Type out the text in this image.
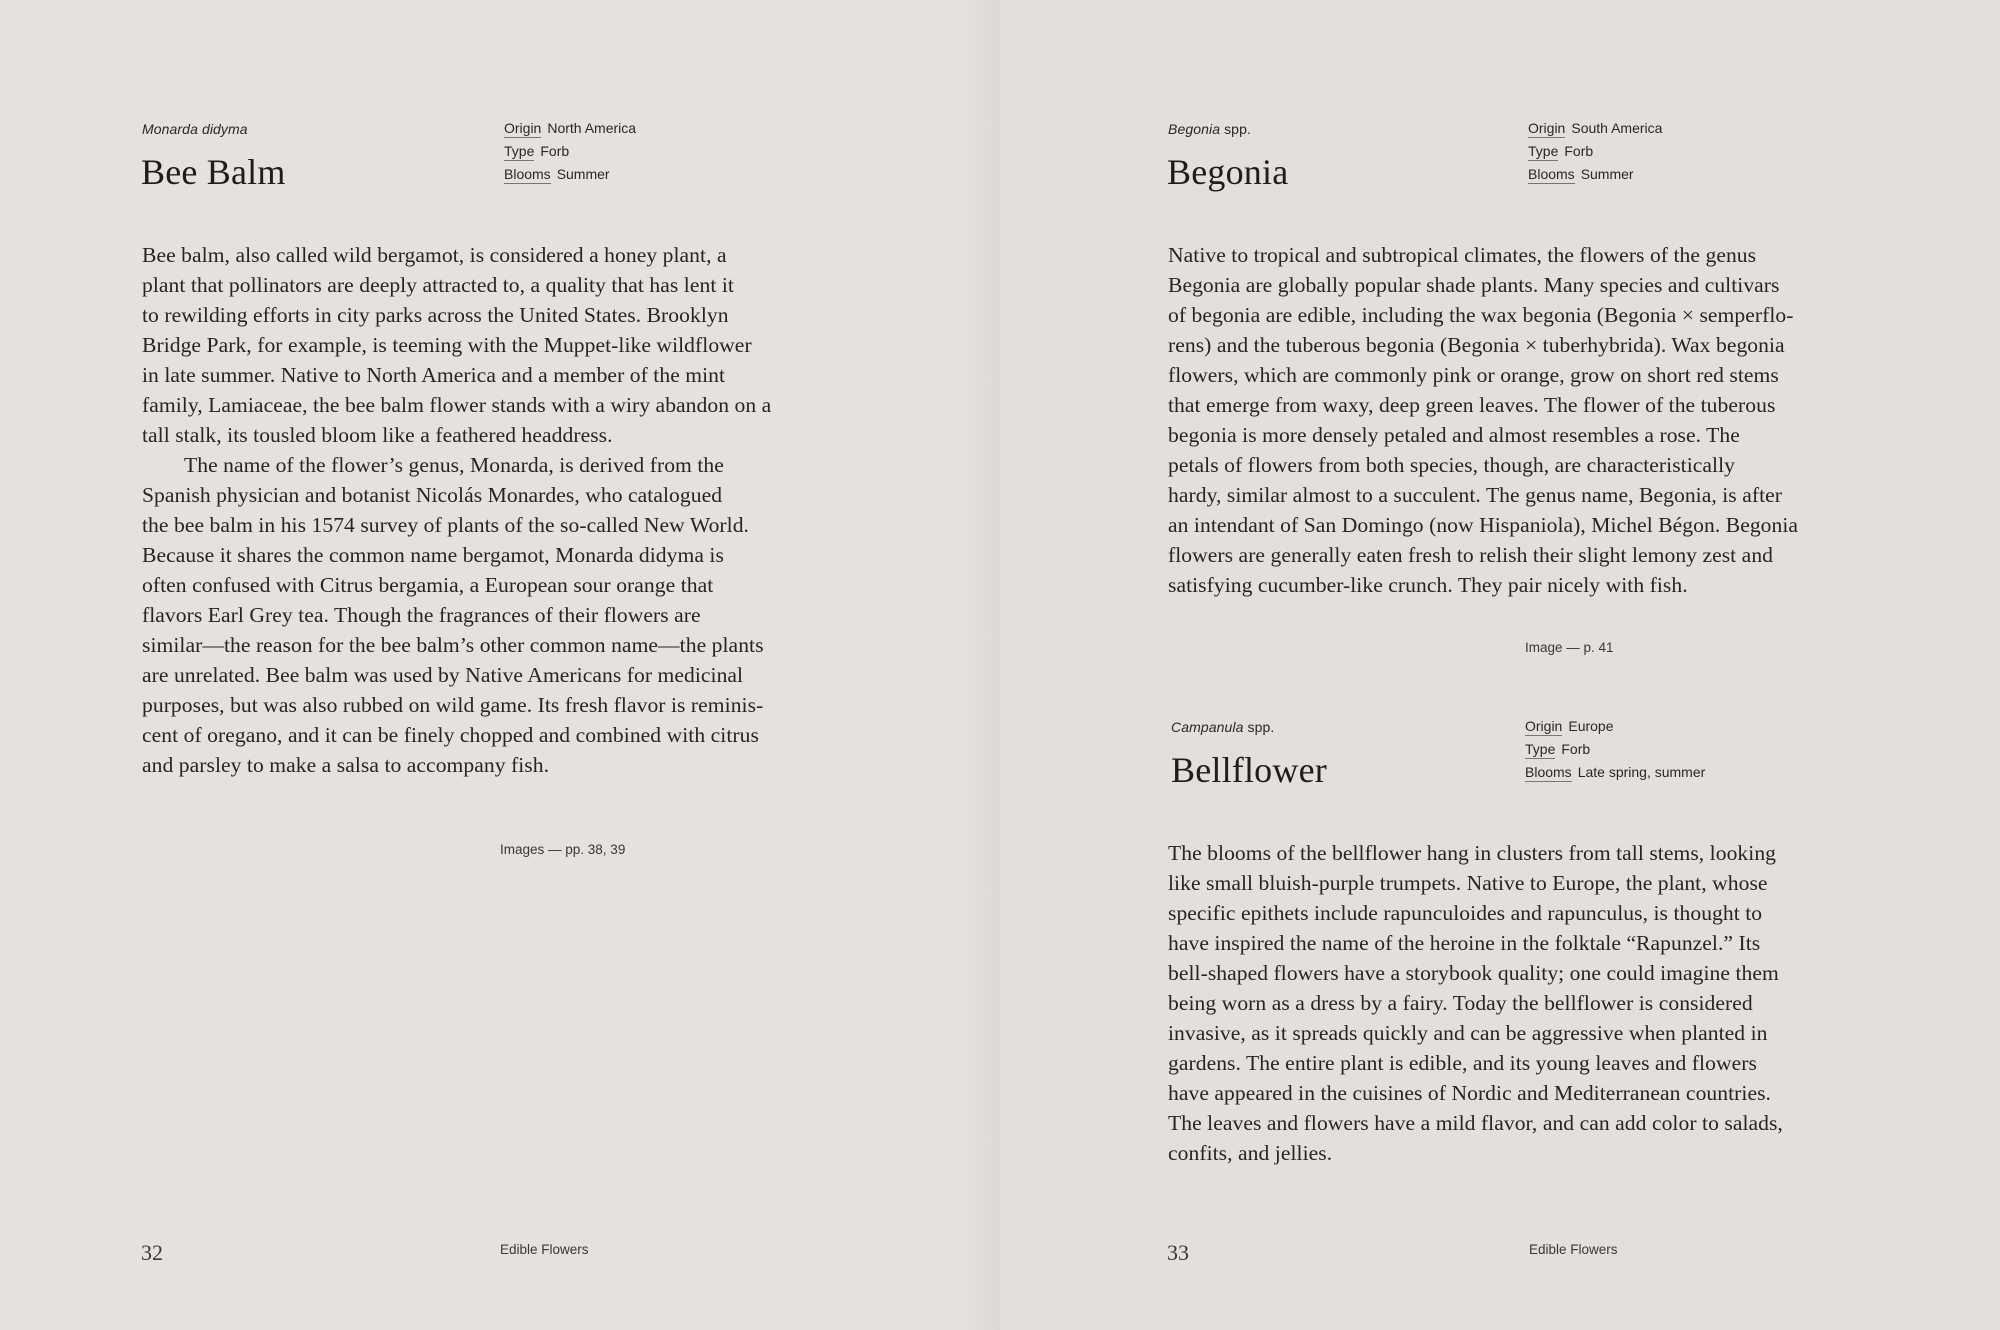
Monarda didyma
Bee Balm
Origin North America
Type Forb
Blooms Summer
Bee balm, also called wild bergamot, is considered a honey plant, a
plant that pollinators are deeply attracted to, a quality that has lent it
to rewilding efforts in city parks across the United States. Brooklyn
Bridge Park, for example, is teeming with the Muppet-like wildflower
in late summer. Native to North America and a member of the mint
family, Lamiaceae, the bee balm flower stands with a wiry abandon on a
tall stalk, its tousled bloom like a feathered headdress.
The name of the flower’s genus, Monarda, is derived from the
Spanish physician and botanist Nicolás Monardes, who catalogued
the bee balm in his 1574 survey of plants of the so-called New World.
Because it shares the common name bergamot, Monarda didyma is
often confused with Citrus bergamia, a European sour orange that
flavors Earl Grey tea. Though the fragrances of their flowers are
similar—the reason for the bee balm’s other common name—the plants
are unrelated. Bee balm was used by Native Americans for medicinal
purposes, but was also rubbed on wild game. Its fresh flavor is reminis-
cent of oregano, and it can be finely chopped and combined with citrus
and parsley to make a salsa to accompany fish.
Images — pp. 38, 39
32	Edible Flowers
Begonia spp.
Begonia
Origin South America
Type Forb
Blooms Summer
Native to tropical and subtropical climates, the flowers of the genus
Begonia are globally popular shade plants. Many species and cultivars
of begonia are edible, including the wax begonia (Begonia × semperflo-
rens) and the tuberous begonia (Begonia × tuberhybrida). Wax begonia
flowers, which are commonly pink or orange, grow on short red stems
that emerge from waxy, deep green leaves. The flower of the tuberous
begonia is more densely petaled and almost resembles a rose. The
petals of flowers from both species, though, are characteristically
hardy, similar almost to a succulent. The genus name, Begonia, is after
an intendant of San Domingo (now Hispaniola), Michel Bégon. Begonia
flowers are generally eaten fresh to relish their slight lemony zest and
satisfying cucumber-like crunch. They pair nicely with fish.
Image — p. 41
Campanula spp.
Bellflower
Origin Europe
Type Forb
Blooms Late spring, summer
The blooms of the bellflower hang in clusters from tall stems, looking
like small bluish-purple trumpets. Native to Europe, the plant, whose
specific epithets include rapunculoides and rapunculus, is thought to
have inspired the name of the heroine in the folktale “Rapunzel.” Its
bell-shaped flowers have a storybook quality; one could imagine them
being worn as a dress by a fairy. Today the bellflower is considered
invasive, as it spreads quickly and can be aggressive when planted in
gardens. The entire plant is edible, and its young leaves and flowers
have appeared in the cuisines of Nordic and Mediterranean countries.
The leaves and flowers have a mild flavor, and can add color to salads,
confits, and jellies.
33	Edible Flowers
